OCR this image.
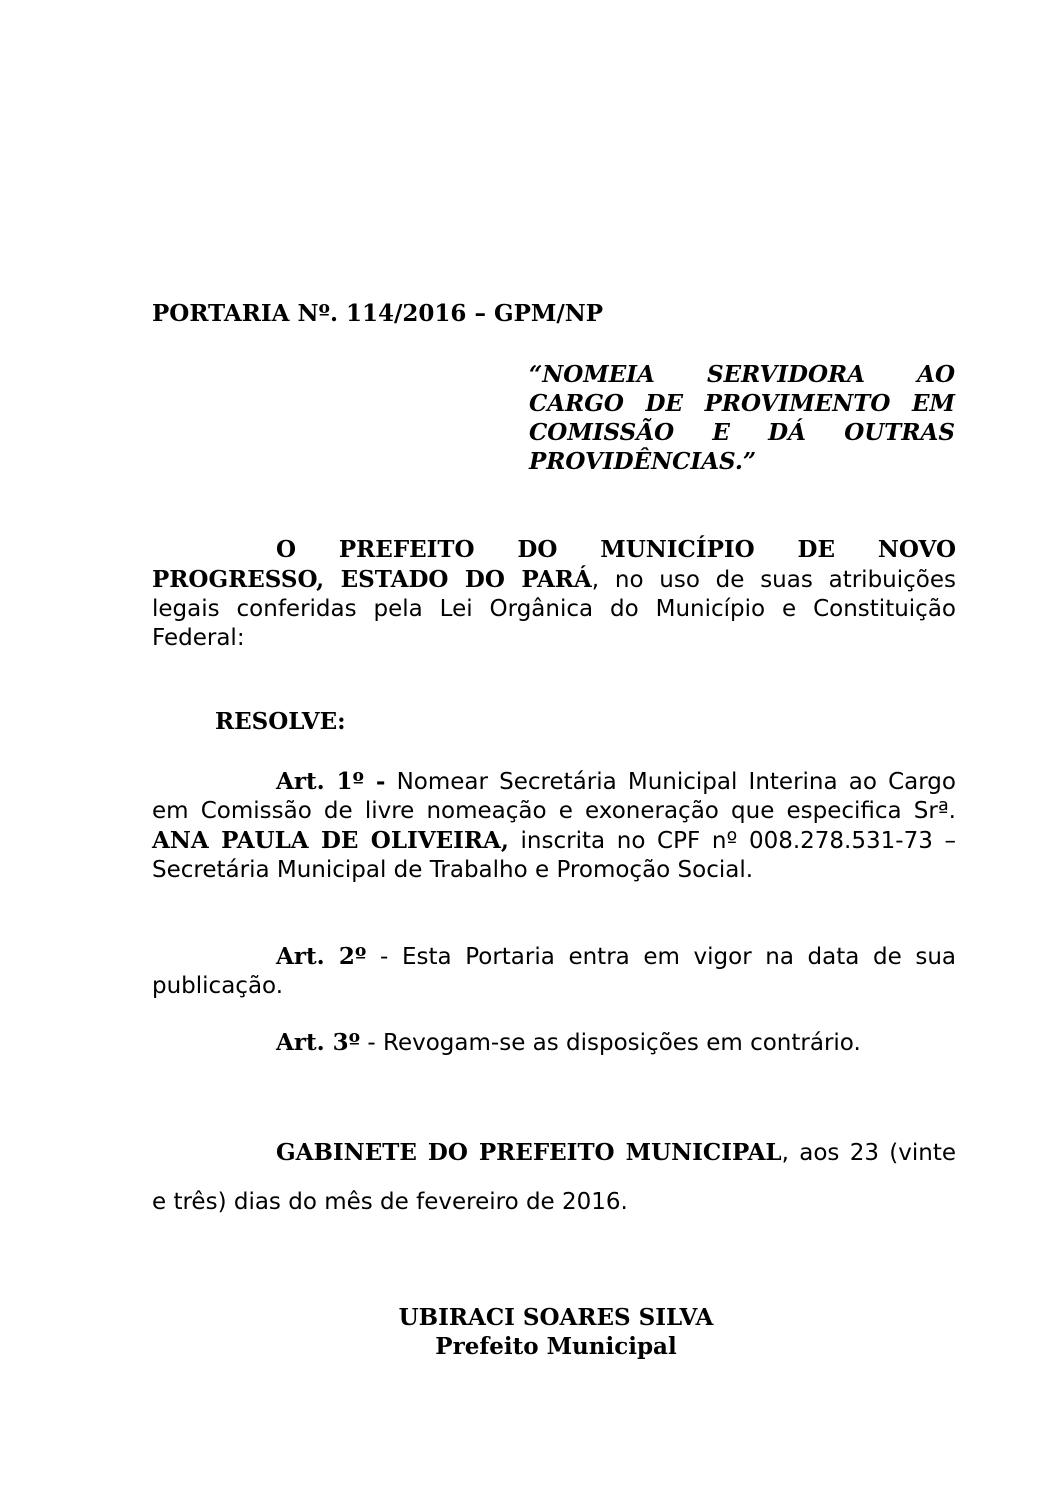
PORTARIA Nº. 114/2016 – GPM/NP

“NOMEIA SERVIDORA AO CARGO DE PROVIMENTO EM COMISSÃO E DÁ OUTRAS PROVIDÊNCIAS.”

O PREFEITO DO MUNICÍPIO DE NOVO PROGRESSO, ESTADO DO PARÁ, no uso de suas atribuições legais conferidas pela Lei Orgânica do Município e Constituição Federal:

RESOLVE:

Art. 1º - Nomear Secretária Municipal Interina ao Cargo em Comissão de livre nomeação e exoneração que especifica Srª. ANA PAULA DE OLIVEIRA, inscrita no CPF nº 008.278.531-73 – Secretária Municipal de Trabalho e Promoção Social.

Art. 2º - Esta Portaria entra em vigor na data de sua publicação.

Art. 3º - Revogam-se as disposições em contrário.

GABINETE DO PREFEITO MUNICIPAL, aos 23 (vinte e três) dias do mês de fevereiro de 2016.

UBIRACI SOARES SILVA
Prefeito Municipal
